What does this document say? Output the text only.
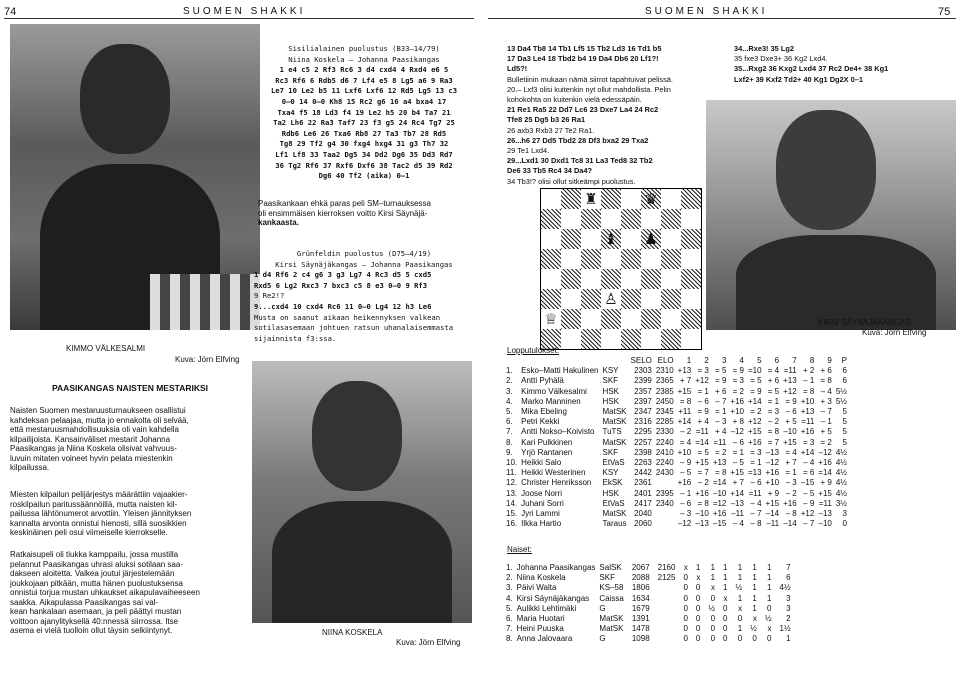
74	SUOMEN SHAKKI
KIMMO VÄLKESALMI
Kuva: Jörn Elfving
PAASIKANGAS NAISTEN MESTARIKSI
Naisten Suomen mestaruusturnaukseen osallistui
kahdeksan pelaajaa, mutta jo ennakolta oli selvää,
että mestaruusmahdollisuuksia oli vain kahdella
kilpailijoista. Kansainväliset mestarit Johanna
Paasikangas ja Niina Koskela olisivat vahvuus-
luvuin mitaten voineet hyvin pelata miestenkin
kilpailussa.
Miesten kilpailun pelijärjestys määrättiin vajaakier-
roskilpailun paritussäännöillä, mutta naisten kil-
pailussa lähtönumerot arvottiin. Yleisen jännityksen
kannalta arvonta onnistui hienosti, sillä suosikkien
keskinäinen peli osui viimeiselle kierrokselle.
Ratkaisupeli oli tiukka kamppailu, jossa mustilla
pelannut Paasikangas uhrasi aluksi sotilaan saa-
dakseen aloitetta. Valkea joutui järjestelemään
joukkojaan pitkään, mutta hänen puolustuksensa
onnistui torjua mustan uhkaukset aikapulavaiheeseen
saakka. Aikapulassa Paasikangas sai val-
kean hankalaan asemaan, ja peli päättyi mustan
voittoon ajanylityksellä 40:nnessä siirrossa. Itse
asema ei vielä tuolloin ollut täysin selkiintynyt.
Sisilialainen puolustus (B33–14/79)
Niina Koskela – Johanna Paasikangas
1 e4 c5 2 Rf3 Rc6 3 d4 cxd4 4 Rxd4 e6 5
Rc3 Rf6 6 Rdb5 d6 7 Lf4 e5 8 Lg5 a6 9 Ra3
Le7 10 Le2 b5 11 Lxf6 Lxf6 12 Rd5 Lg5 13 c3
0–0 14 0–0 Kh8 15 Rc2 g6 16 a4 bxa4 17
Txa4 f5 18 Ld3 f4 19 Le2 h5 20 b4 Ta7 21
Ta2 Lh6 22 Ra3 Taf7 23 f3 g5 24 Rc4 Tg7 25
Rdb6 Le6 26 Txa6 Rb8 27 Ta3 Tb7 28 Rd5
Tg8 29 Tf2 g4 30 fxg4 hxg4 31 g3 Th7 32
Lf1 Lf8 33 Taa2 Dg5 34 Dd2 Dg6 35 Dd3 Rd7
36 Tg2 Rf6 37 Rxf6 Dxf6 38 Tac2 d5 39 Rd2
Dg6 40 Tf2 (aika) 0–1
Paasikankaan ehkä paras peli SM–turnauksessa
oli ensimmäisen kierroksen voitto Kirsi Säynäjä-
kankaasta.
Grünfeldin puolustus (D75–4/19)
Kirsi Säynäjäkangas – Johanna Paasikangas
1 d4 Rf6 2 c4 g6 3 g3 Lg7 4 Rc3 d5 5 cxd5
Rxd5 6 Lg2 Rxc3 7 bxc3 c5 8 e3 0–0 9 Rf3
9 Re2!?
9...cxd4 10 cxd4 Rc6 11 0–0 Lg4 12 h3 Le6
Musta on saanut aikaan heikennyksen valkean
sotilasasemaan johtuen ratsun uhanalaisemmasta
sijainnista f3:ssa.
NIINA KOSKELA
Kuva: Jörn Elfving
SUOMEN SHAKKI	75
13 Da4 Tb8 14 Tb1 Lf5 15 Tb2 Ld3 16 Td1 b5
17 Da3 Le4 18 Tbd2 b4 19 Da4 Db6 20 Lf1?!
Ld5?!
Bulletiinin mukaan nämä siirrot tapahtuivat pelissä.
20.– Lxf3 olisi kuitenkin nyt ollut mahdollista. Pelin
kohokohta on kuitenkin vielä edessäpäin.
21 Re1 Ra5 22 Dd7 Lc6 23 Dxe7 La4 24 Rc2
Tfe8 25 Dg5 b3 26 Ra1
26 axb3 Rxb3 27 Te2 Ra1.
26...h6 27 Dd5 Tbd2 28 Df3 bxa2 29 Txa2
29 Te1 Lxd4.
29...Lxd1 30 Dxd1 Tc8 31 La3 Ted8 32 Tb2
De6 33 Tb5 Rc4 34 Da4?
34 Tb3!? olisi ollut sitkeämpi puolustus.
34...Rxe3! 35 Lg2
35 fxe3 Dxe3+ 36 Kg2 Lxd4.
35...Rxg2 36 Kxg2 Lxd4 37 Rc2 De4+ 38 Kg1
Lxf2+ 39 Kxf2 Td2+ 40 Kg1 Dg2X 0–1
KIRSI SÄYNÄJÄKANGAS
Kuva: Jörn Elfving
♜	♛
♝ ♟
♙
♕
Lopputulokset:
			SELO	ELO	1	2	3	4	5	6	7	8	9	P
1.	Esko–Matti Hakulinen	KSY	2303	2310	+13	= 3	= 5	= 9	=10	= 4	=11	+ 2	+ 6	6
2.	Antti Pyhälä	SKF	2399	2365	+ 7	+12	= 9	= 3	= 5	+ 6	+13	– 1	= 8	6
3.	Kimmo Välkesalmi	HSK	2357	2385	+15	= 1	+ 6	= 2	= 9	= 5	+12	= 8	– 4	5½
4.	Marko Manninen	HSK	2397	2450	= 8	– 6	– 7	+16	+14	= 1	= 9	+10	+ 3	5½
5.	Mika Ebeling	MatSK	2347	2345	+11	= 9	= 1	+10	= 2	= 3	– 6	+13	– 7	5
6.	Petri Kekki	MatSK	2316	2285	+14	+ 4	– 3	+ 8	+12	– 2	+ 5	=11	– 1	5
7.	Antti Nokso–Koivisto	TuTS	2295	2330	– 2	=11	+ 4	–12	+15	= 8	–10	+16	+ 5	5
8.	Kari Pulkkinen	MatSK	2257	2240	= 4	=14	=11	– 6	+16	= 7	+15	= 3	= 2	5
9.	Yrjö Rantanen	SKF	2398	2410	+10	= 5	= 2	= 1	= 3	–13	= 4	+14	–12	4½
10.	Heikki Salo	EtVaS	2263	2240	– 9	+15	+13	– 5	= 1	–12	+ 7	– 4	+16	4½
11.	Heikki Westerinen	KSY	2442	2430	– 5	= 7	= 8	+15	=13	+16	= 1	= 6	=14	4½
12.	Christer Henriksson	EkSK	2361		+16	– 2	=14	+ 7	– 6	+10	– 3	–15	+ 9	4½
13.	Joose Norri	HSK	2401	2395	– 1	+16	–10	+14	=11	+ 9	– 2	– 5	+15	4½
14.	Juhani Sorri	EtVaS	2417	2340	– 6	= 8	=12	–13	– 4	+15	+16	– 9	=11	3½
15.	Jyri Lammi	MatSK	2040		– 3	–10	+16	–11	– 7	–14	– 8	+12	–13	3
16.	Ilkka Hartio	Taraus	2060		–12	–13	–15	– 4	– 8	–11	–14	– 7	–10	0
Naiset:
1.	Johanna Paasikangas	SalSK	2067	2160	x	1	1	1	1	1	1	7
2.	Niina Koskela	SKF	2088	2125	0	x	1	1	1	1	1	6
3.	Päivi Walta	KS–58	1806		0	0	x	1	½	1	1	4½
4.	Kirsi Säynäjäkangas	Caissa	1634		0	0	0	x	1	1	1	3
5.	Aulikki Lehtimäki	G	1679		0	0	½	0	x	1	0	3
6.	Maria Huotari	MatSK	1391		0	0	0	0	0	x	½	2
7.	Heini Puuska	MatSK	1478		0	0	0	0	1	½	x	1½
8.	Anna Jalovaara	G	1098		0	0	0	0	0	0	0	1
